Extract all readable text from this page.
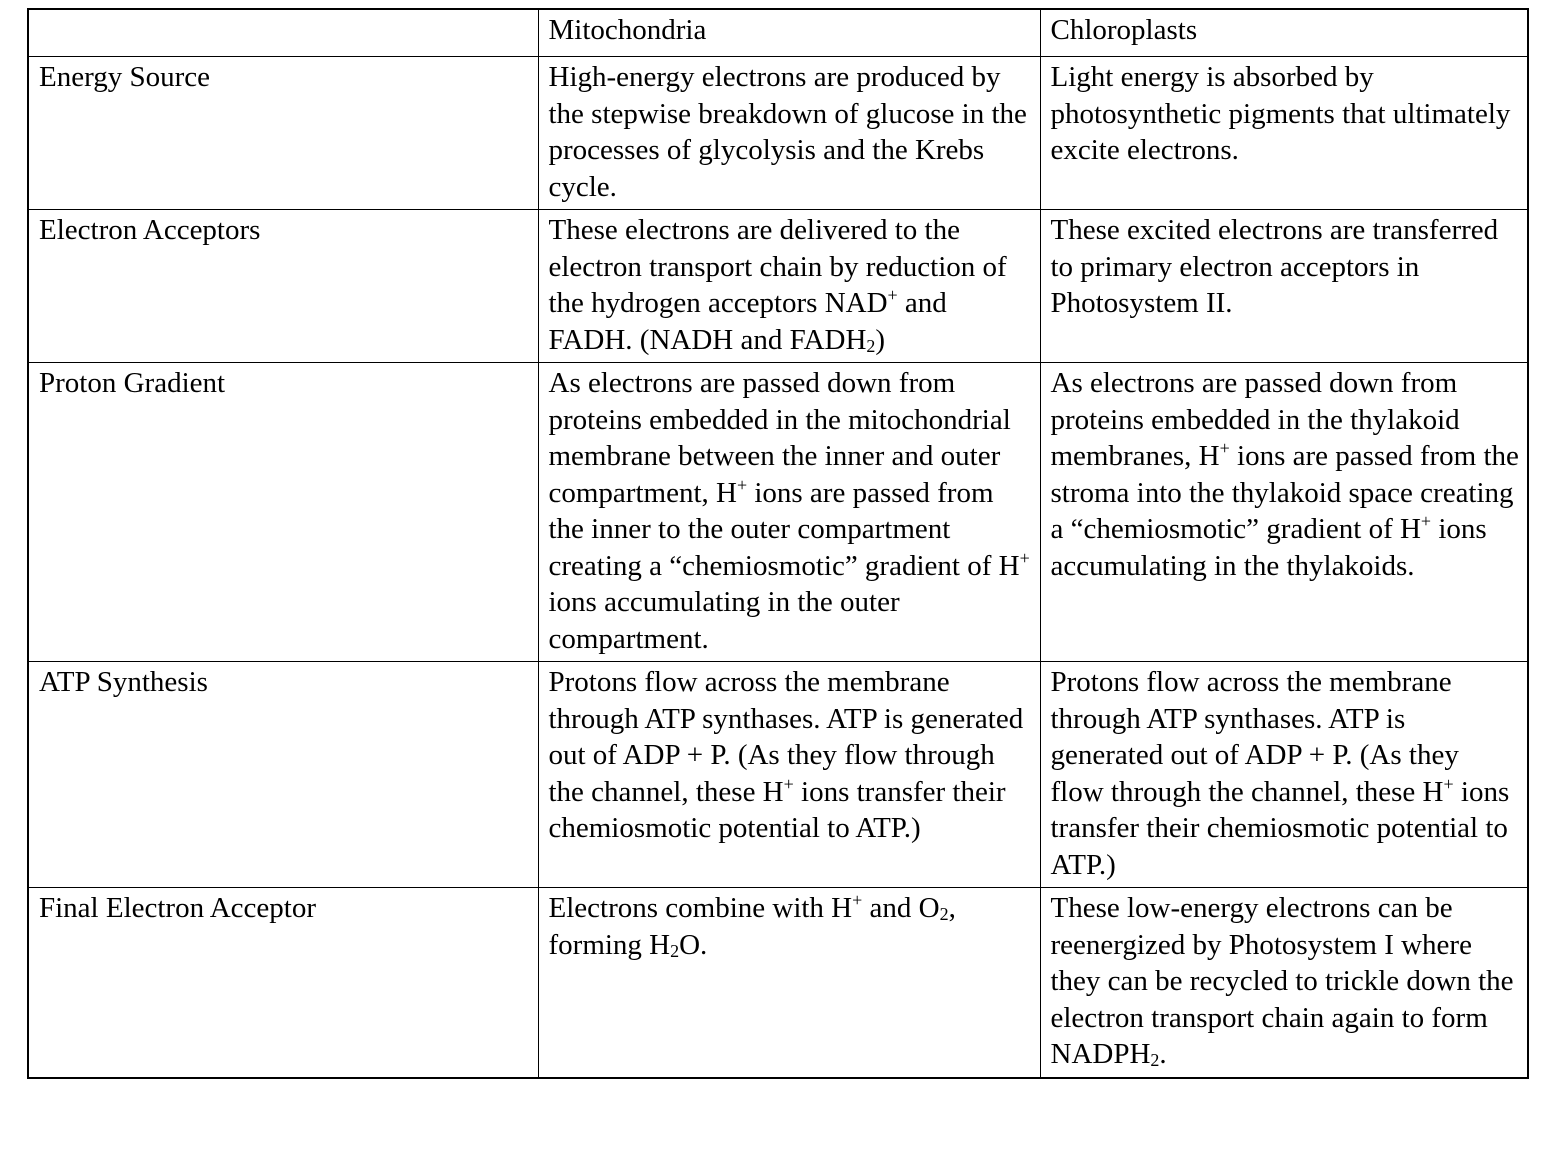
	Mitochondria	Chloroplasts
Energy Source	High-energy electrons are produced by the stepwise breakdown of glucose in the processes of glycolysis and the Krebs cycle.	Light energy is absorbed by photosynthetic pigments that ultimately excite electrons.
Electron Acceptors	These electrons are delivered to the electron transport chain by reduction of the hydrogen acceptors NAD+ and FADH. (NADH and $FADH_2$)	These excited electrons are transferred to primary electron acceptors in Photosystem II.
Proton Gradient	As electrons are passed down from proteins embedded in the mitochondrial membrane between the inner and outer compartment, H+ ions are passed from the inner to the outer compartment creating a “chemiosmotic” gradient of H+ ions accumulating in the outer compartment.	As electrons are passed down from proteins embedded in the thylakoid membranes, H+ ions are passed from the stroma into the thylakoid space creating a “chemiosmotic” gradient of H+ ions accumulating in the thylakoids.
ATP Synthesis	Protons flow across the membrane through ATP synthases. ATP is generated out of ADP + P. (As they flow through the channel, these H+ ions transfer their chemiosmotic potential to ATP.)	Protons flow across the membrane through ATP synthases. ATP is generated out of ADP + P. (As they flow through the channel, these H+ ions transfer their chemiosmotic potential to ATP.)
Final Electron Acceptor	Electrons combine with H+ and $O_2$, forming $H_2O$.	These low-energy electrons can be reenergized by Photosystem I where they can be recycled to trickle down the electron transport chain again to form $NADPH_2$.
